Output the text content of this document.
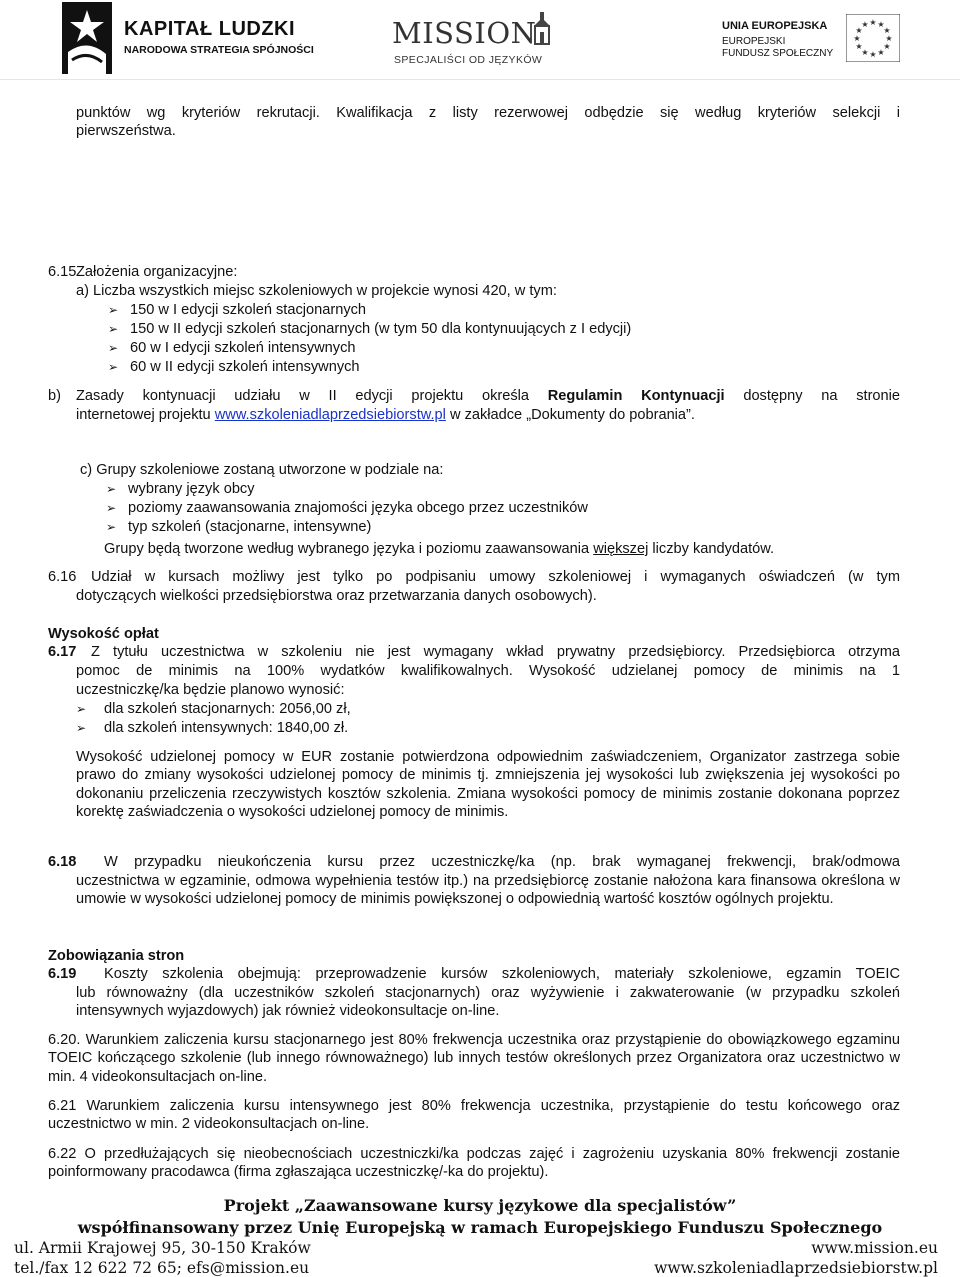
KAPITAŁ LUDZKI
NARODOWA STRATEGIA SPÓJNOŚCI	MISSION
SPECJALIŚCI OD JĘZYKÓW
UNIA EUROPEJSKA
EUROPEJSKI
FUNDUSZ SPOŁECZNY
★ ★
★
★
★
★
★
★
★
★
★
★
punktów wg kryteriów rekrutacji. Kwalifikacja z listy rezerwowej odbędzie się według kryteriów selekcji i
pierwszeństwa.
6.15Założenia organizacyjne:
a) Liczba wszystkich miejsc szkoleniowych w projekcie wynosi 420, w tym:
➢ 150 w I edycji szkoleń stacjonarnych
➢ 150 w II edycji szkoleń stacjonarnych (w tym 50 dla kontynuujących z I edycji)
➢ 60 w I edycji szkoleń intensywnych
➢ 60 w II edycji szkoleń intensywnych
b) Zasady kontynuacji udziału w II edycji projektu określa Regulamin Kontynuacji dostępny na stronie
internetowej projektu www.szkoleniadlaprzedsiebiorstw.pl w zakładce „Dokumenty do pobrania”.
c) Grupy szkoleniowe zostaną utworzone w podziale na:
➢ wybrany język obcy
➢ poziomy zaawansowania znajomości języka obcego przez uczestników
➢ typ szkoleń (stacjonarne, intensywne)
Grupy będą tworzone według wybranego języka i poziomu zaawansowania większej liczby kandydatów.
6.16 Udział w kursach możliwy jest tylko po podpisaniu umowy szkoleniowej i wymaganych oświadczeń (w tym
dotyczących wielkości przedsiębiorstwa oraz przetwarzania danych osobowych).
Wysokość opłat
6.17 Z tytułu uczestnictwa w szkoleniu nie jest wymagany wkład prywatny przedsiębiorcy. Przedsiębiorca otrzyma
pomoc de minimis na 100% wydatków kwalifikowalnych. Wysokość udzielanej pomocy de minimis na 1
uczestniczkę/ka będzie planowo wynosić:
➢ dla szkoleń stacjonarnych: 2056,00 zł,
➢ dla szkoleń intensywnych: 1840,00 zł.

Wysokość udzielonej pomocy w EUR zostanie potwierdzona odpowiednim zaświadczeniem, Organizator zastrzega sobie prawo do zmiany wysokości udzielonej pomocy de minimis tj. zmniejszenia jej wysokości lub zwiększenia jej wysokości po dokonaniu przeliczenia rzeczywistych kosztów szkolenia. Zmiana wysokości pomocy de minimis zostanie dokonana poprzez korektę zaświadczenia o wysokości udzielonej pomocy de minimis.

6.18 W przypadku nieukończenia kursu przez uczestniczkę/ka (np. brak wymaganej frekwencji, brak/odmowa

uczestnictwa w egzaminie, odmowa wypełnienia testów itp.) na przedsiębiorcę zostanie nałożona kara finansowa określona w umowie w wysokości udzielonej pomocy de minimis powiększonej o odpowiednią wartość kosztów ogólnych projektu.

Zobowiązania stron
6.19 Koszty szkolenia obejmują: przeprowadzenie kursów szkoleniowych, materiały szkoleniowe, egzamin TOEIC

lub równoważny (dla uczestników szkoleń stacjonarnych) oraz wyżywienie i zakwaterowanie (w przypadku szkoleń intensywnych wyjazdowych) jak również videokonsultacje on-line.

6.20. Warunkiem zaliczenia kursu stacjonarnego jest 80% frekwencja uczestnika oraz przystąpienie do obowiązkowego egzaminu TOEIC kończącego szkolenie (lub innego równoważnego) lub innych testów określonych przez Organizatora oraz uczestnictwo w min. 4 videokonsultacjach on-line.

6.21 Warunkiem zaliczenia kursu intensywnego jest 80% frekwencja uczestnika, przystąpienie do testu końcowego oraz uczestnictwo w min. 2 videokonsultacjach on-line.

6.22 O przedłużających się nieobecnościach uczestniczki/ka podczas zajęć i zagrożeniu uzyskania 80% frekwencji zostanie poinformowany pracodawca (firma zgłaszająca uczestniczkę/-ka do projektu).

Projekt „Zaawansowane kursy językowe dla specjalistów”
współfinansowany przez Unię Europejską w ramach Europejskiego Funduszu Społecznego
ul. Armii Krajowej 95, 30-150 Kraków
tel./fax 12 622 72 65; efs@mission.eu
www.mission.eu
www.szkoleniadlaprzedsiebiorstw.pl
